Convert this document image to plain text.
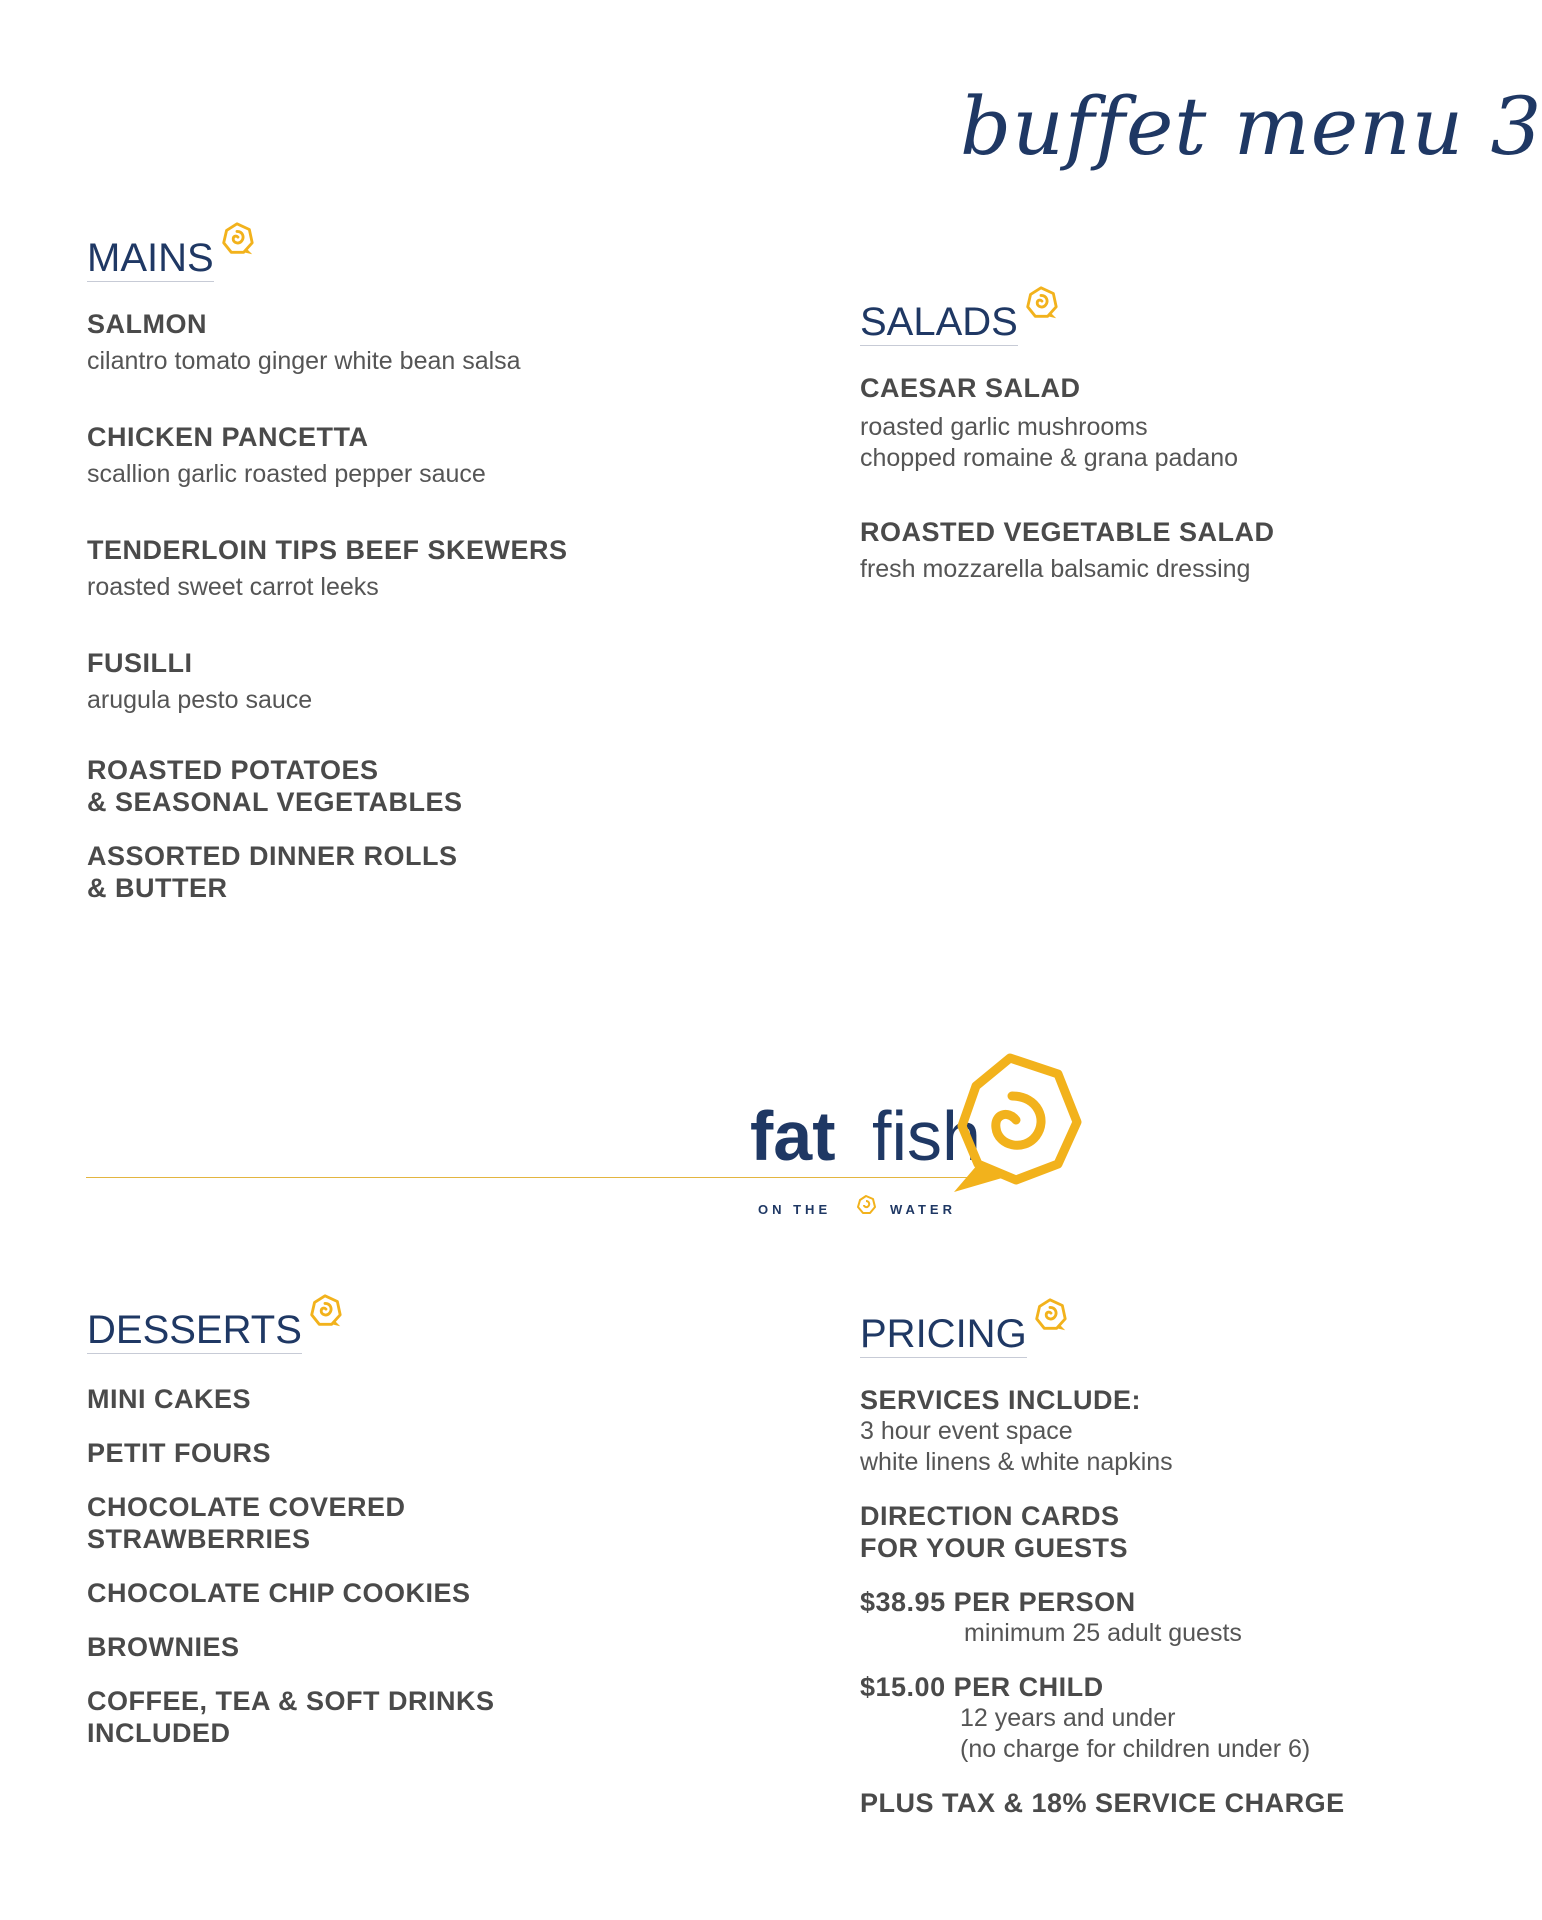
buffet menu 3
MAINS
SALMON
cilantro tomato ginger white bean salsa
CHICKEN PANCETTA
scallion garlic roasted pepper sauce
TENDERLOIN TIPS BEEF SKEWERS
roasted sweet carrot leeks
FUSILLI
arugula pesto sauce
ROASTED POTATOES
& SEASONAL VEGETABLES
ASSORTED DINNER ROLLS
& BUTTER
SALADS
CAESAR SALAD
roasted garlic mushrooms
chopped romaine & grana padano
ROASTED VEGETABLE SALAD
fresh mozzarella balsamic dressing
fat fish
ON THE	WATER
DESSERTS
MINI CAKES
PETIT FOURS
CHOCOLATE COVERED
STRAWBERRIES
CHOCOLATE CHIP COOKIES
BROWNIES
COFFEE, TEA & SOFT DRINKS
INCLUDED
PRICING
SERVICES INCLUDE:
3 hour event space
white linens & white napkins
DIRECTION CARDS
FOR YOUR GUESTS
$38.95 PER PERSON
minimum 25 adult guests
$15.00 PER CHILD
12 years and under
(no charge for children under 6)
PLUS TAX & 18% SERVICE CHARGE
